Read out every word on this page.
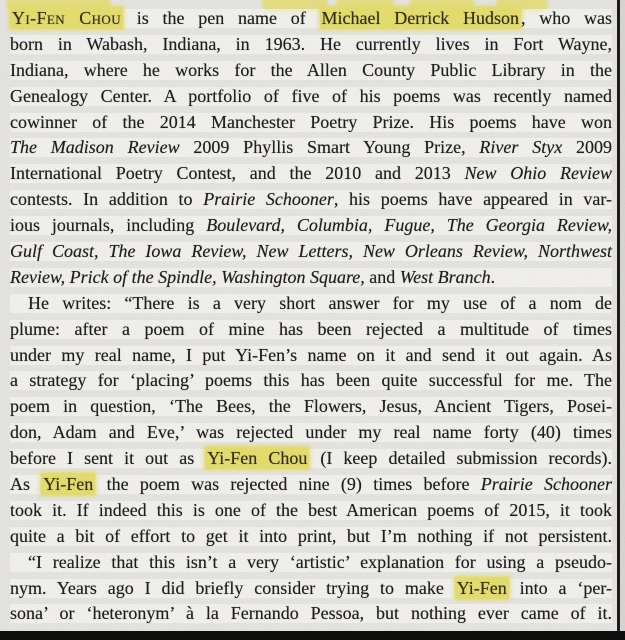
Yi-Fen Chou is the pen name of Michael Derrick Hudson , who was
born in Wabash, Indiana, in 1963. He currently lives in Fort Wayne,
Indiana, where he works for the Allen County Public Library in the
Genealogy Center. A portfolio of five of his poems was recently named
cowinner of the 2014 Manchester Poetry Prize. His poems have won
The Madison Review 2009 Phyllis Smart Young Prize, River Styx 2009
International Poetry Contest, and the 2010 and 2013 New Ohio Review
contests. In addition to Prairie Schooner, his poems have appeared in var-
ious journals, including Boulevard, Columbia, Fugue, The Georgia Review,
Gulf Coast, The Iowa Review, New Letters, New Orleans Review, Northwest
Review, Prick of the Spindle, Washington Square, and West Branch.
He writes: “There is a very short answer for my use of a nom de
plume: after a poem of mine has been rejected a multitude of times
under my real name, I put Yi-Fen’s name on it and send it out again. As
a strategy for ‘placing’ poems this has been quite successful for me. The
poem in question, ‘The Bees, the Flowers, Jesus, Ancient Tigers, Posei-
don, Adam and Eve,’ was rejected under my real name forty (40) times
before I sent it out as Yi-Fen Chou (I keep detailed submission records).
As Yi-Fen the poem was rejected nine (9) times before Prairie Schooner
took it. If indeed this is one of the best American poems of 2015, it took
quite a bit of effort to get it into print, but I’m nothing if not persistent.
“I realize that this isn’t a very ‘artistic’ explanation for using a pseudo-
nym. Years ago I did briefly consider trying to make Yi-Fen into a ‘per-
sona’ or ‘heteronym’ à la Fernando Pessoa, but nothing ever came of it.
